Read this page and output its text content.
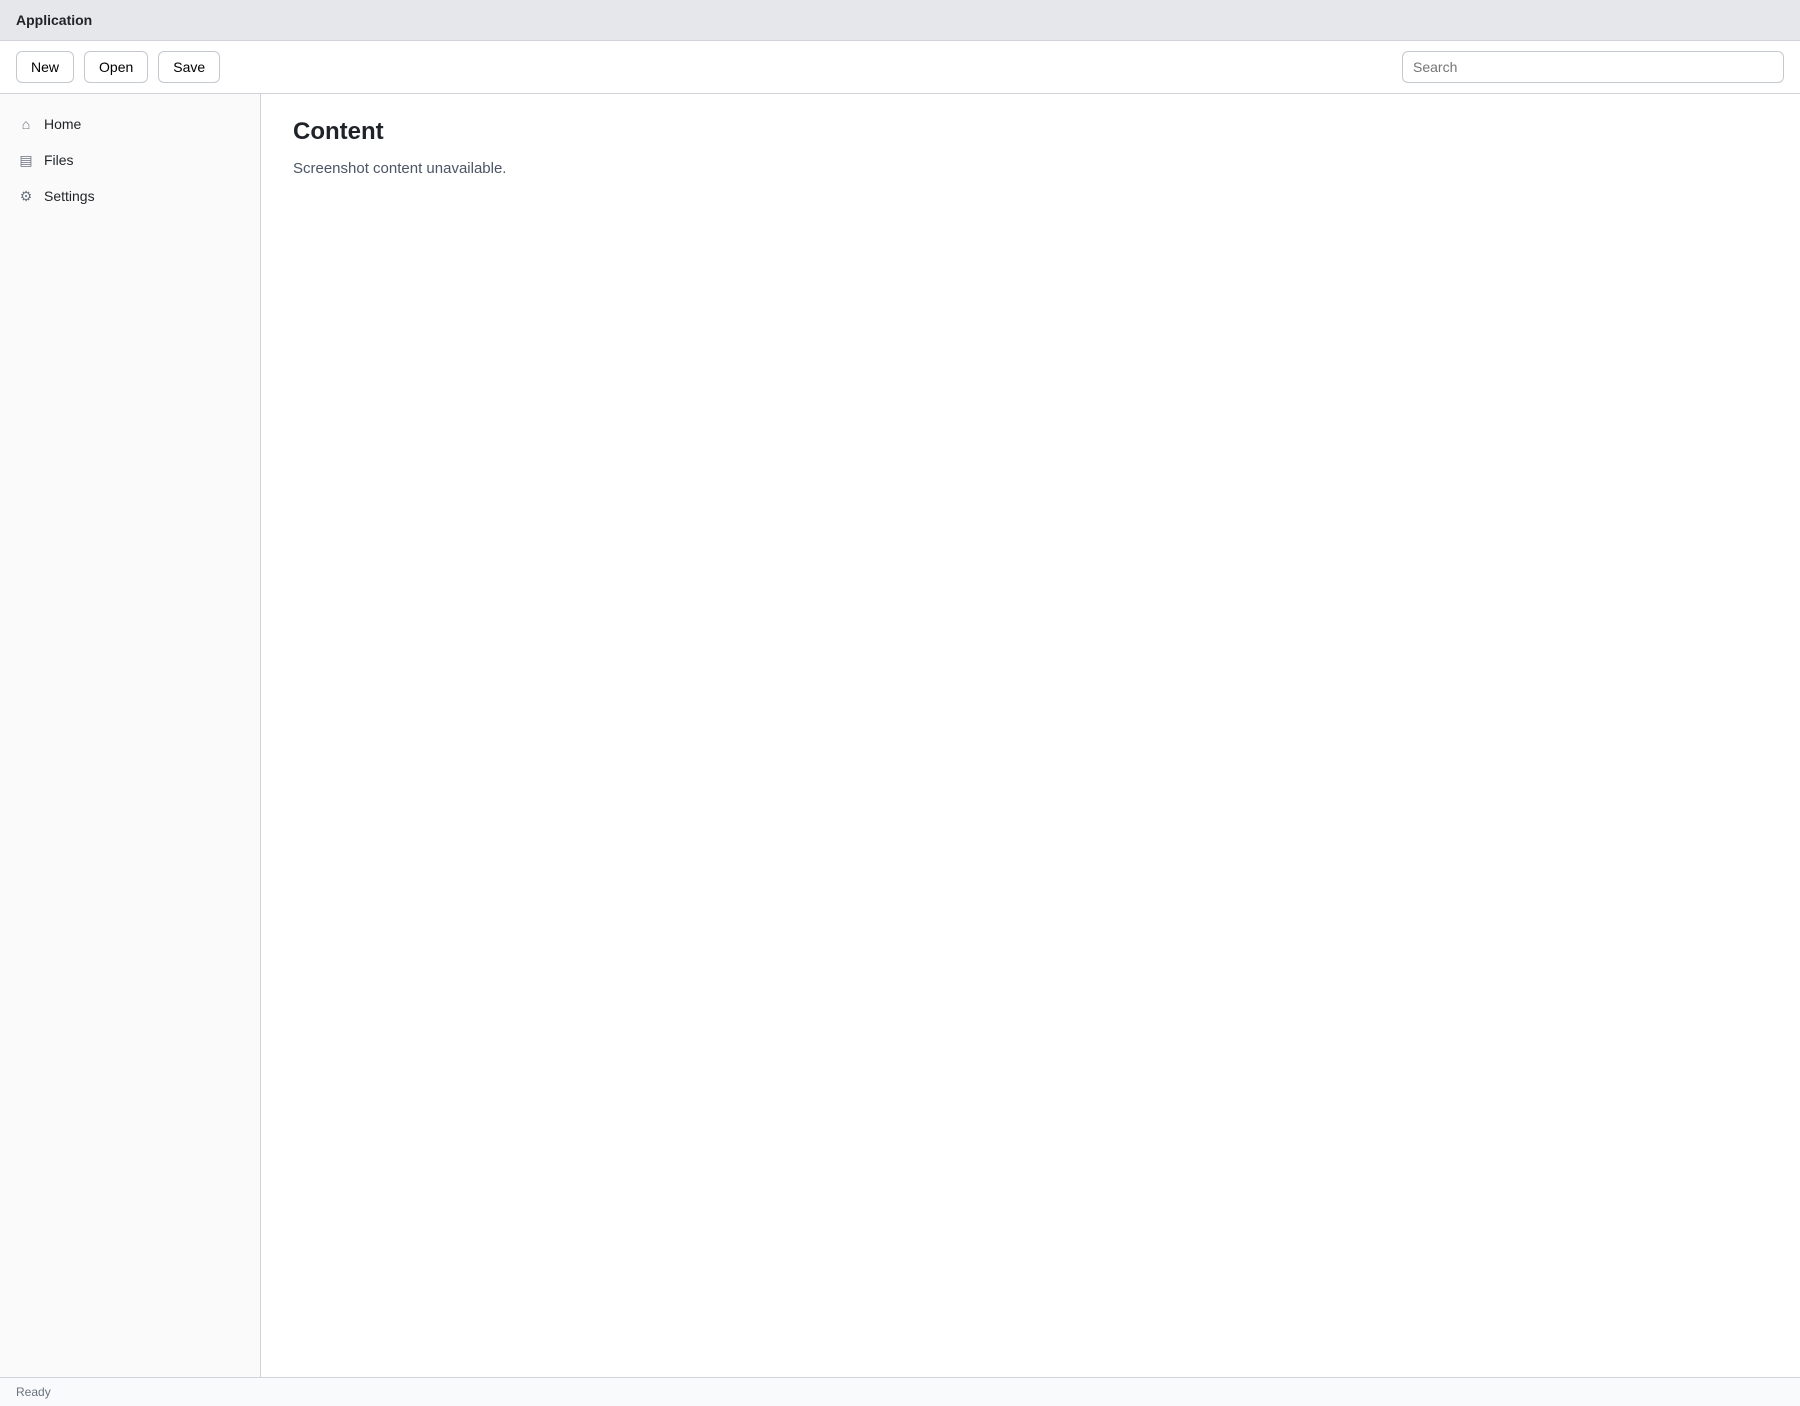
Application
New	Open	Save
Search
⌂ Home
▤ Files
⚙ Settings
Content
Screenshot content unavailable.
Ready
